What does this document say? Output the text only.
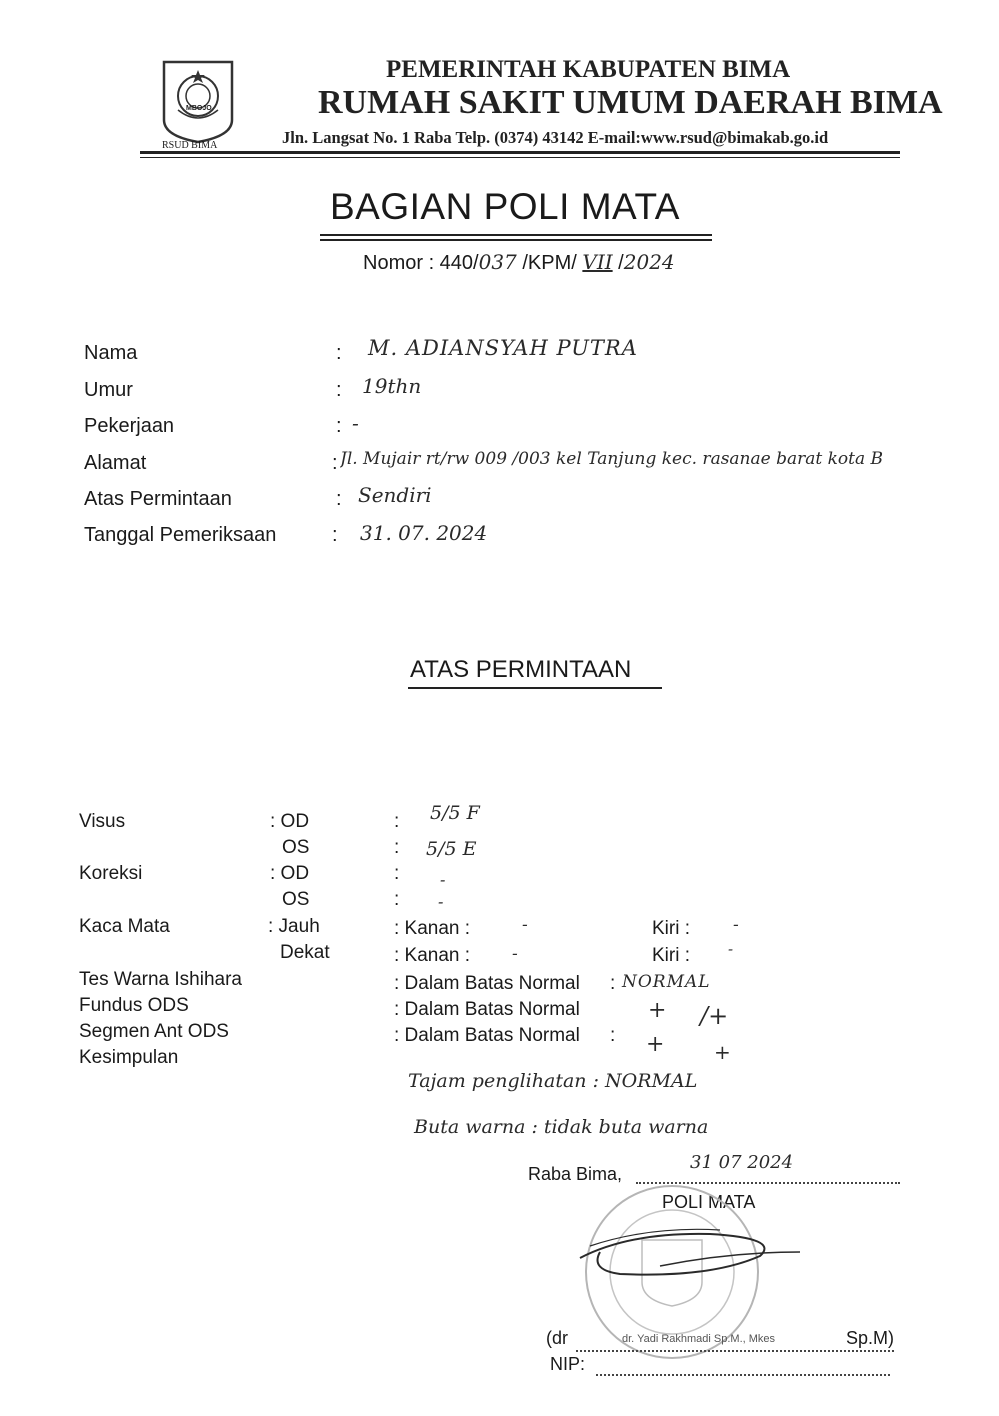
MBOJO
RSUD BIMA
PEMERINTAH KABUPATEN BIMA
RUMAH SAKIT UMUM DAERAH BIMA
Jln. Langsat No. 1 Raba Telp. (0374) 43142 E-mail:www.rsud@bimakab.go.id
BAGIAN POLI MATA
Nomor : 440/037 /KPM/ VII /2024
Nama	: M. ADIANSYAH PUTRA
Umur	: 19thn
Pekerjaan	: -
Alamat	: Jl. Mujair rt/rw 009 /003 kel Tanjung kec. rasanae barat kota B
Atas Permintaan	: Sendiri
Tanggal Pemeriksaan	: 31. 07. 2024
ATAS PERMINTAAN
Visus	: OD	: 5/5 F
OS	: 5/5 E
Koreksi	: OD	:	-
OS	: -
Kaca Mata	: Jauh	: Kanan :	-	Kiri :	-
Dekat	: Kanan : -	Kiri :	-
Tes Warna Ishihara	: Dalam Batas Normal : NORMAL
Fundus ODS	: Dalam Batas Normal	+ /+
Segmen Ant ODS	: Dalam Batas Normal : + +
Kesimpulan
Tajam penglihatan : NORMAL
Buta warna : tidak buta warna
Raba Bima,
31 07 2024
POLI MATA
(dr	dr. Yadi Rakhmadi Sp.M., Mkes	Sp.M)
NIP:
